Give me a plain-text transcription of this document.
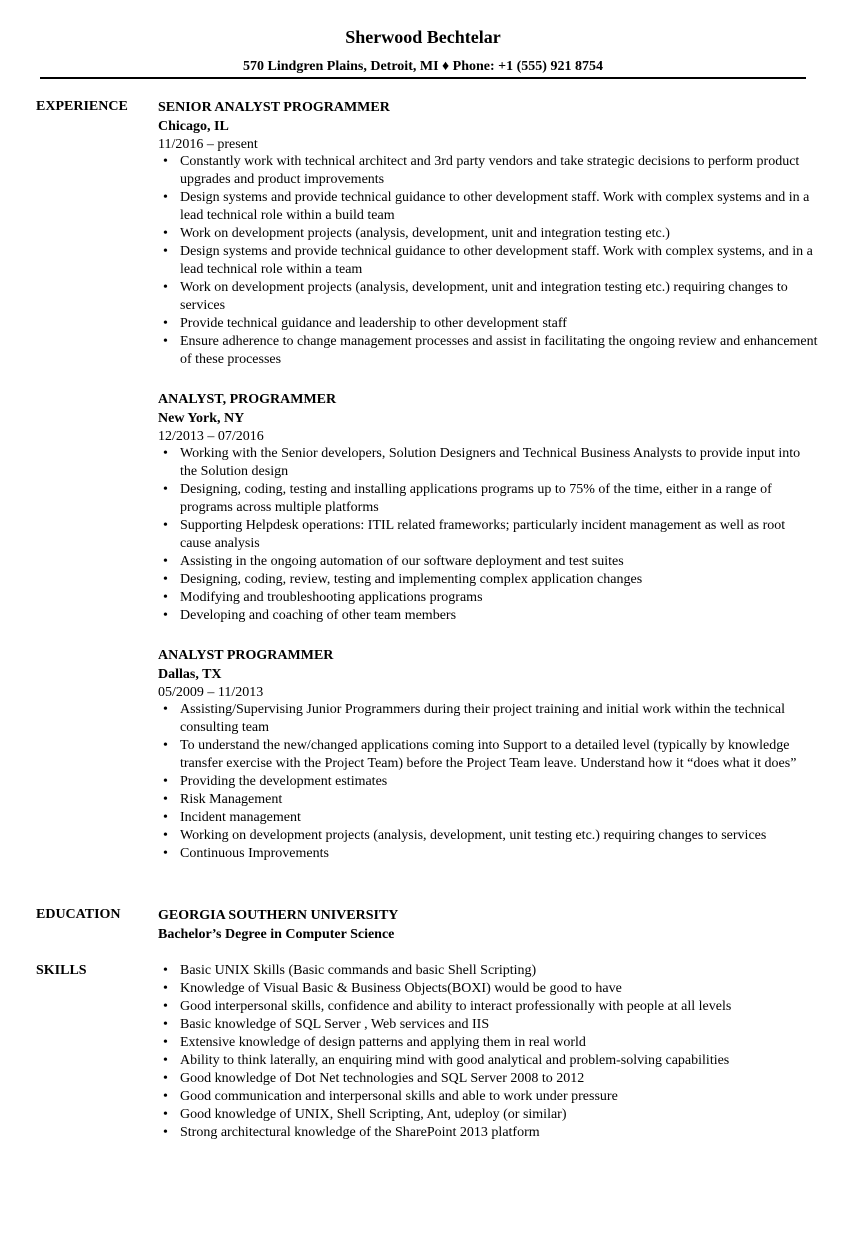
Sherwood Bechtelar
570 Lindgren Plains, Detroit, MI ♦ Phone: +1 (555) 921 8754
EXPERIENCE SENIOR ANALYST PROGRAMMER

Chicago, IL

11/2016 – present

• Constantly work with technical architect and 3rd party vendors and take strategic decisions to perform product upgrades and product improvements
• Design systems and provide technical guidance to other development staff. Work with complex systems and in a lead technical role within a build team
• Work on development projects (analysis, development, unit and integration testing etc.)
• Design systems and provide technical guidance to other development staff. Work with complex systems, and in a lead technical role within a team
• Work on development projects (analysis, development, unit and integration testing etc.) requiring changes to services
• Provide technical guidance and leadership to other development staff
• Ensure adherence to change management processes and assist in facilitating the ongoing review and enhancement of these processes

ANALYST, PROGRAMMER

New York, NY

12/2013 – 07/2016

• Working with the Senior developers, Solution Designers and Technical Business Analysts to provide input into the Solution design
• Designing, coding, testing and installing applications programs up to 75% of the time, either in a range of programs across multiple platforms
• Supporting Helpdesk operations: ITIL related frameworks; particularly incident management as well as root cause analysis
• Assisting in the ongoing automation of our software deployment and test suites
• Designing, coding, review, testing and implementing complex application changes
• Modifying and troubleshooting applications programs
• Developing and coaching of other team members

ANALYST PROGRAMMER

Dallas, TX

05/2009 – 11/2013

• Assisting/Supervising Junior Programmers during their project training and initial work within the technical consulting team
• To understand the new/changed applications coming into Support to a detailed level (typically by knowledge transfer exercise with the Project Team) before the Project Team leave. Understand how it “does what it does”
• Providing the development estimates
• Risk Management
• Incident management
• Working on development projects (analysis, development, unit testing etc.) requiring changes to services
• Continuous Improvements
EDUCATION	GEORGIA SOUTHERN UNIVERSITY

Bachelor’s Degree in Computer Science

SKILLS
•	Basic UNIX Skills (Basic commands and basic Shell Scripting)
• Knowledge of Visual Basic & Business Objects(BOXI) would be good to have
• Good interpersonal skills, confidence and ability to interact professionally with people at all levels
• Basic knowledge of SQL Server , Web services and IIS
• Extensive knowledge of design patterns and applying them in real world
• Ability to think laterally, an enquiring mind with good analytical and problem-solving capabilities
• Good knowledge of Dot Net technologies and SQL Server 2008 to 2012
• Good communication and interpersonal skills and able to work under pressure
• Good knowledge of UNIX, Shell Scripting, Ant, udeploy (or similar)
• Strong architectural knowledge of the SharePoint 2013 platform
